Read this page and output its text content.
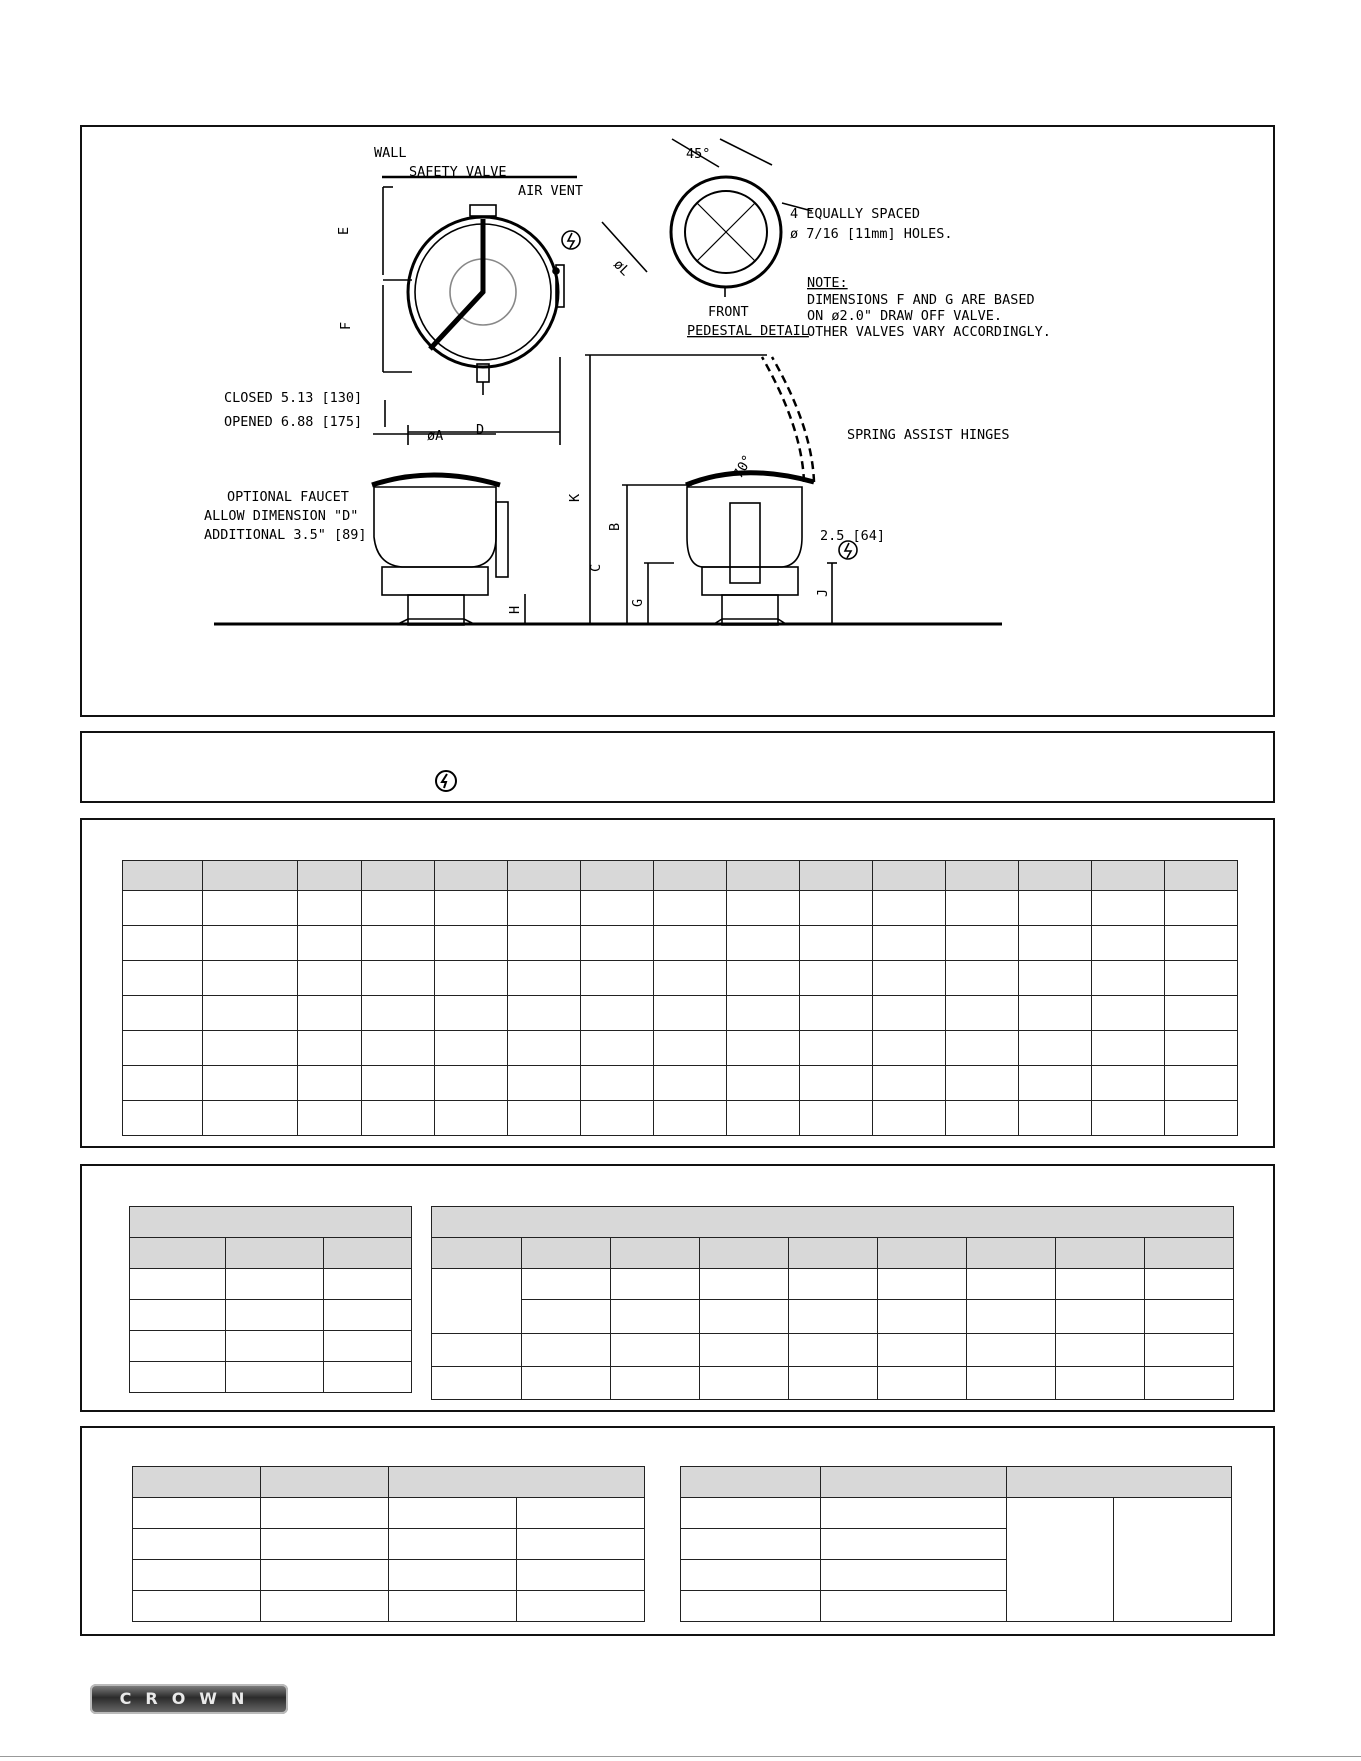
WALL
SAFETY VALVE
AIR VENT
E
F
CLOSED 5.13 [130]
OPENED 6.88 [175]	D
45°
4 EQUALLY SPACED
ø 7/16 [11mm] HOLES.
øL
FRONT
PEDESTAL DETAIL
NOTE:
DIMENSIONS F AND G ARE BASED
ON ø2.0" DRAW OFF VALVE.
OTHER VALVES VARY ACCORDINGLY.
øA
OPTIONAL FAUCET
ALLOW DIMENSION "D"
ADDITIONAL 3.5" [89]
SPRING ASSIST HINGES
70°
2.5 [64]
K
B
C
G
H
J

CROWN
